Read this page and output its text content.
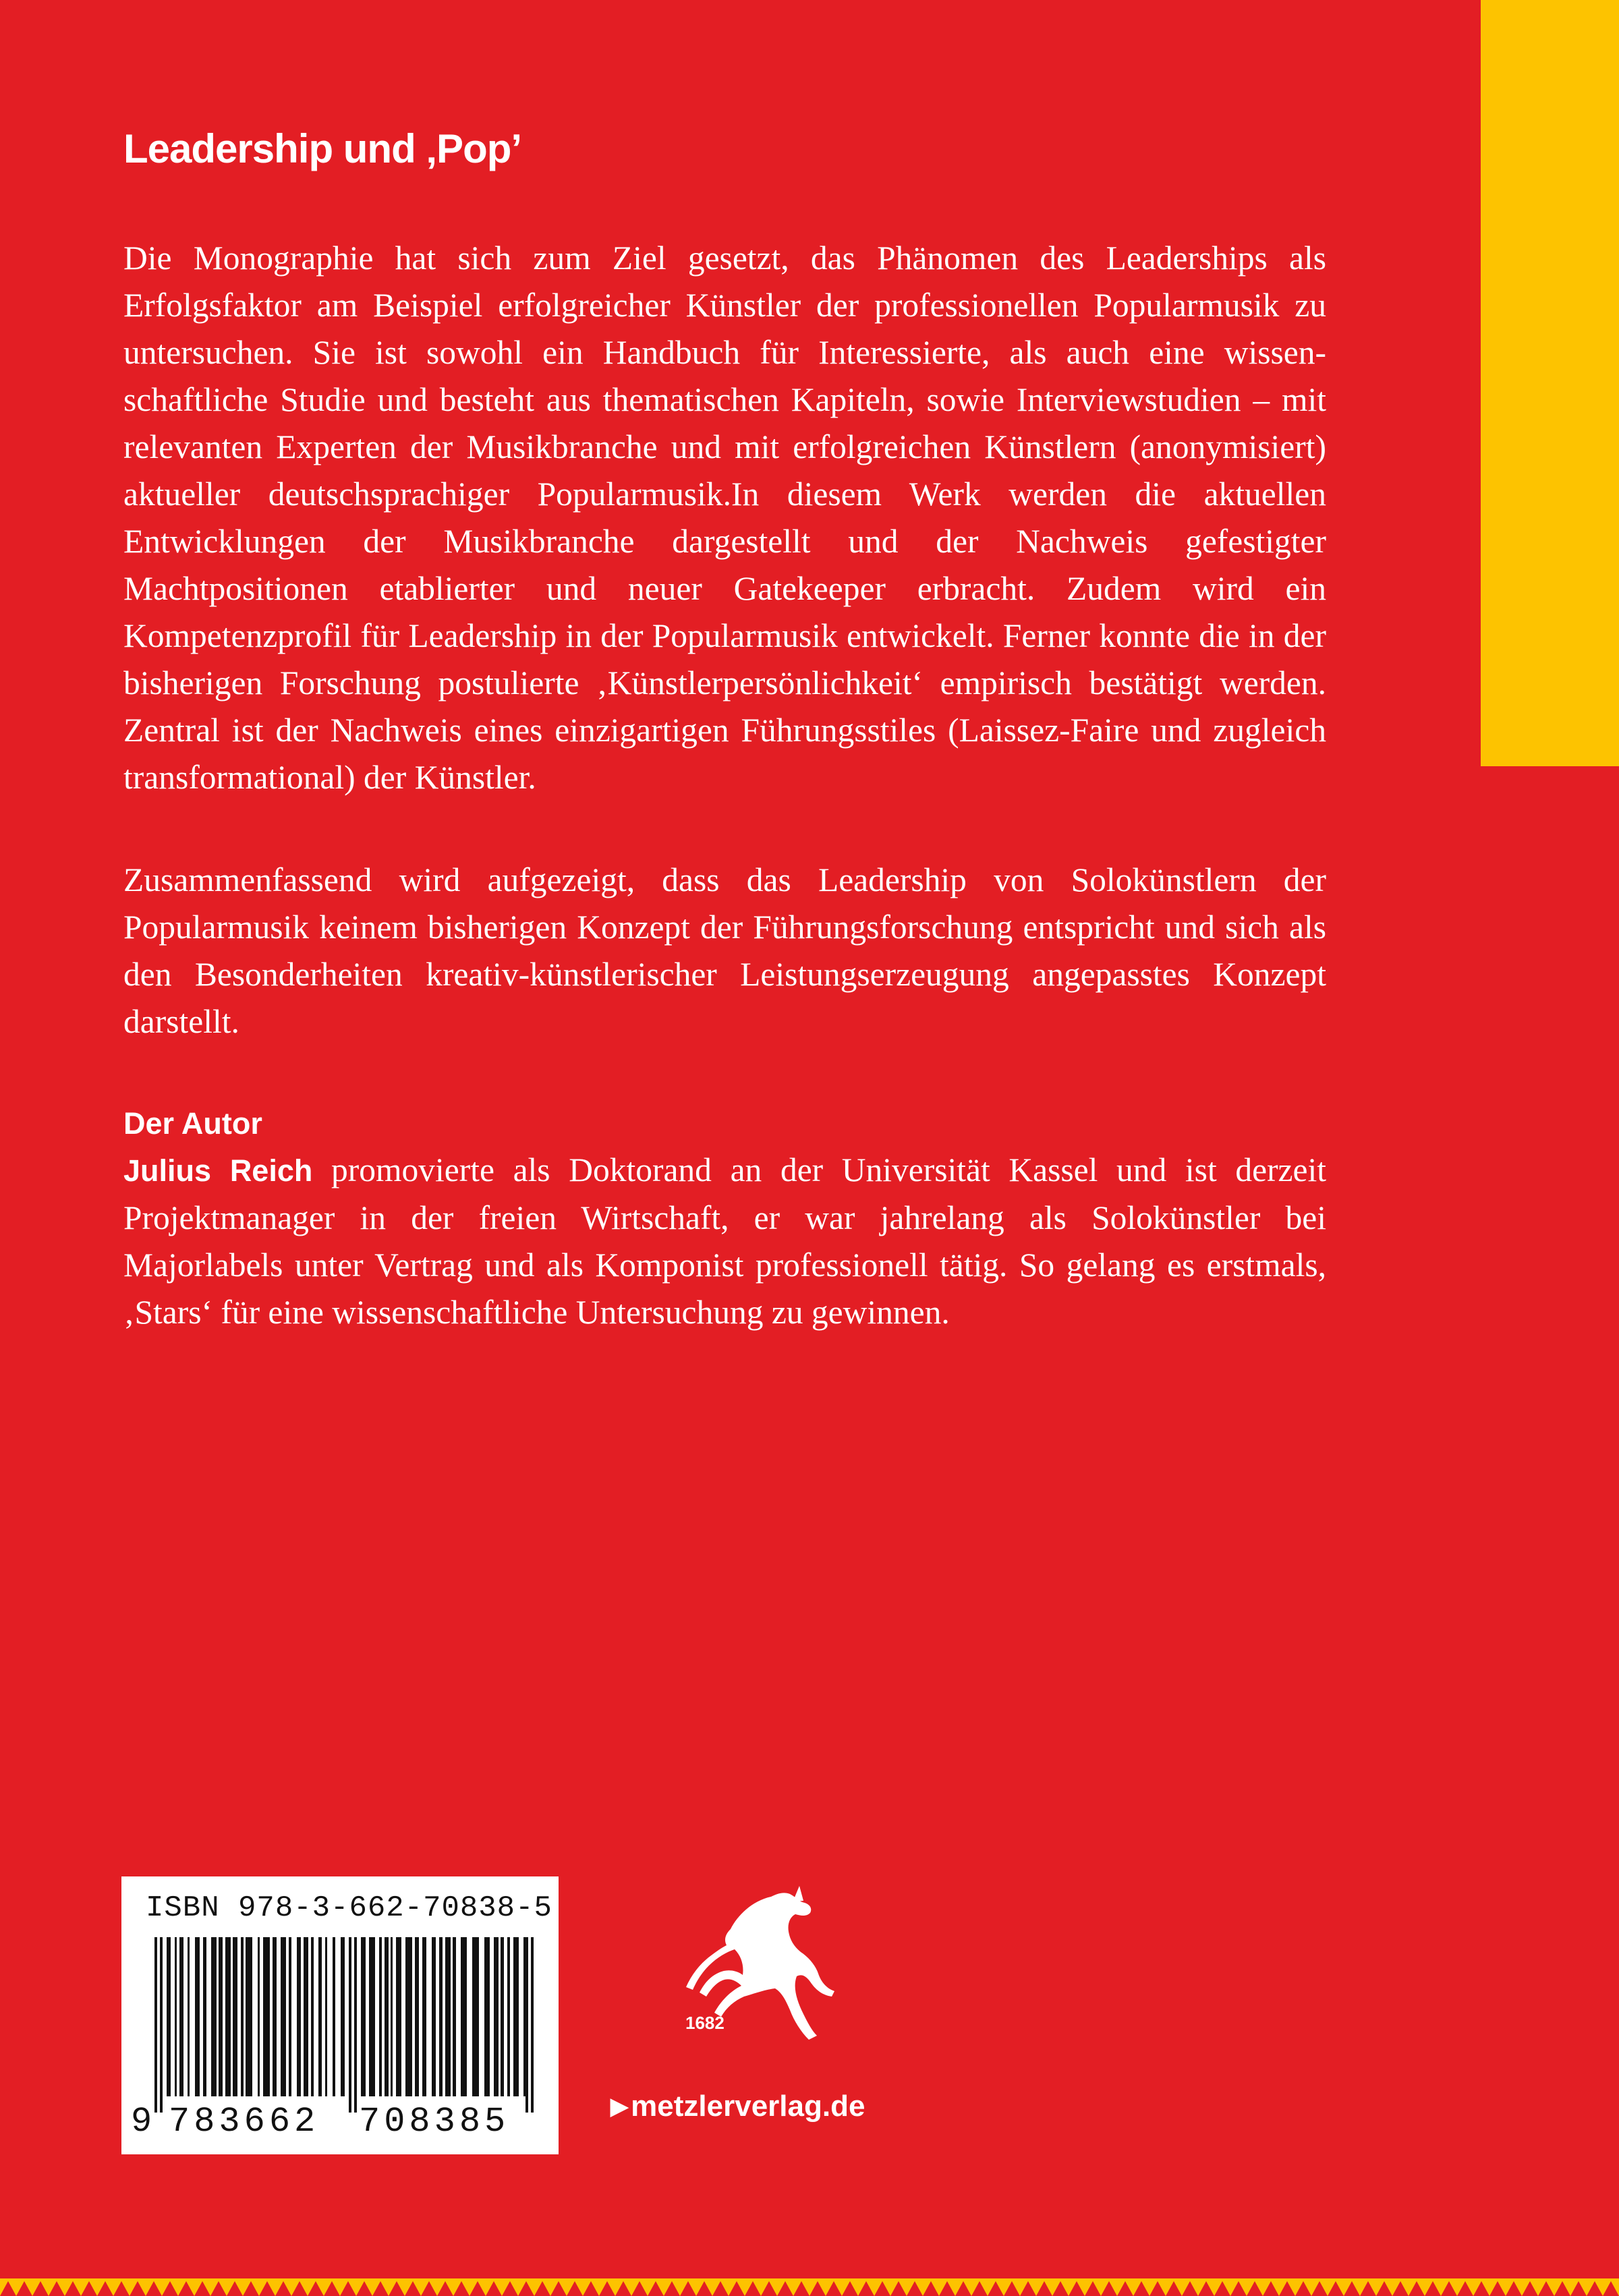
Leadership und ‚Pop’

Die Monographie hat sich zum Ziel gesetzt, das Phänomen des Leaderships als Erfolgsfaktor am Beispiel erfolgreicher Künstler der professionellen Popularmusik zu untersuchen. Sie ist sowohl ein Handbuch für Interessierte, als auch eine wissenschaftliche Studie und besteht aus thematischen Kapiteln, sowie Interviewstudien – mit relevanten Experten der Musikbranche und mit erfolgreichen Künstlern (anonymisiert) aktueller deutschsprachiger Popularmusik.In diesem Werk werden die aktuellen Entwicklungen der Musikbranche dargestellt und der Nachweis gefestigter Machtpositionen etablierter und neuer Gatekeeper erbracht. Zudem wird ein Kompetenzprofil für Leadership in der Popularmusik entwickelt. Ferner konnte die in der bisherigen Forschung postulierte ‚Künstlerpersönlichkeit‘ empirisch bestätigt werden. Zentral ist der Nachweis eines einzigartigen Führungsstiles (Laissez-Faire und zugleich transformational) der Künstler.

Zusammenfassend wird aufgezeigt, dass das Leadership von Solokünstlern der Popularmusik keinem bisherigen Konzept der Führungsforschung entspricht und sich als den Besonderheiten kreativ-künstlerischer Leistungserzeugung angepasstes Konzept darstellt.

Der Autor

Julius Reich promovierte als Doktorand an der Universität Kassel und ist derzeit Projektmanager in der freien Wirtschaft, er war jahrelang als Solokünstler bei Majorlabels unter Vertrag und als Komponist professionell tätig. So gelang es erstmals, ‚Stars‘ für eine wissenschaftliche Untersuchung zu gewinnen.

ISBN 978-3-662-70838-5
9 783662 708385
1682
▶metzlerverlag.de
